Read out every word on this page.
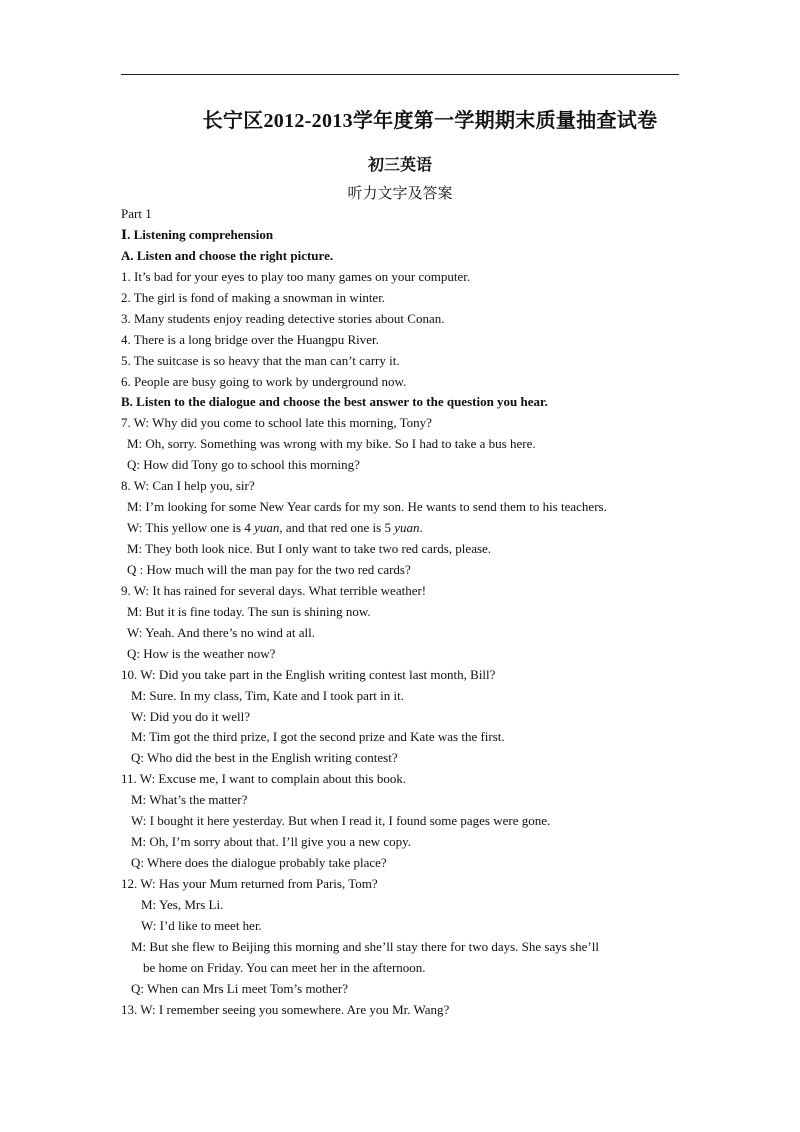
长宁区2012-2013学年度第一学期期末质量抽查试卷
初三英语
听力文字及答案
Part 1
Ⅰ. Listening comprehension
A. Listen and choose the right picture.
1. It’s bad for your eyes to play too many games on your computer.
2. The girl is fond of making a snowman in winter.
3. Many students enjoy reading detective stories about Conan.
4. There is a long bridge over the Huangpu River.
5. The suitcase is so heavy that the man can’t carry it.
6. People are busy going to work by underground now.
B. Listen to the dialogue and choose the best answer to the question you hear.
7. W: Why did you come to school late this morning, Tony?
M: Oh, sorry. Something was wrong with my bike. So I had to take a bus here.
Q: How did Tony go to school this morning?
8. W: Can I help you, sir?
M: I’m looking for some New Year cards for my son. He wants to send them to his teachers.
W: This yellow one is 4 yuan, and that red one is 5 yuan.
M: They both look nice. But I only want to take two red cards, please.
Q : How much will the man pay for the two red cards?
9. W: It has rained for several days. What terrible weather!
M: But it is fine today. The sun is shining now.
W: Yeah. And there’s no wind at all.
Q: How is the weather now?
10. W: Did you take part in the English writing contest last month, Bill?
M: Sure. In my class, Tim, Kate and I took part in it.
W: Did you do it well?
M: Tim got the third prize, I got the second prize and Kate was the first.
Q: Who did the best in the English writing contest?
11. W: Excuse me, I want to complain about this book.
M: What’s the matter?
W: I bought it here yesterday. But when I read it, I found some pages were gone.
M: Oh, I’m sorry about that. I’ll give you a new copy.
Q: Where does the dialogue probably take place?
12. W: Has your Mum returned from Paris, Tom?
M: Yes, Mrs Li.
W: I’d like to meet her.
M: But she flew to Beijing this morning and she’ll stay there for two days. She says she’ll
be home on Friday. You can meet her in the afternoon.
Q: When can Mrs Li meet Tom’s mother?
13. W: I remember seeing you somewhere. Are you Mr. Wang?
